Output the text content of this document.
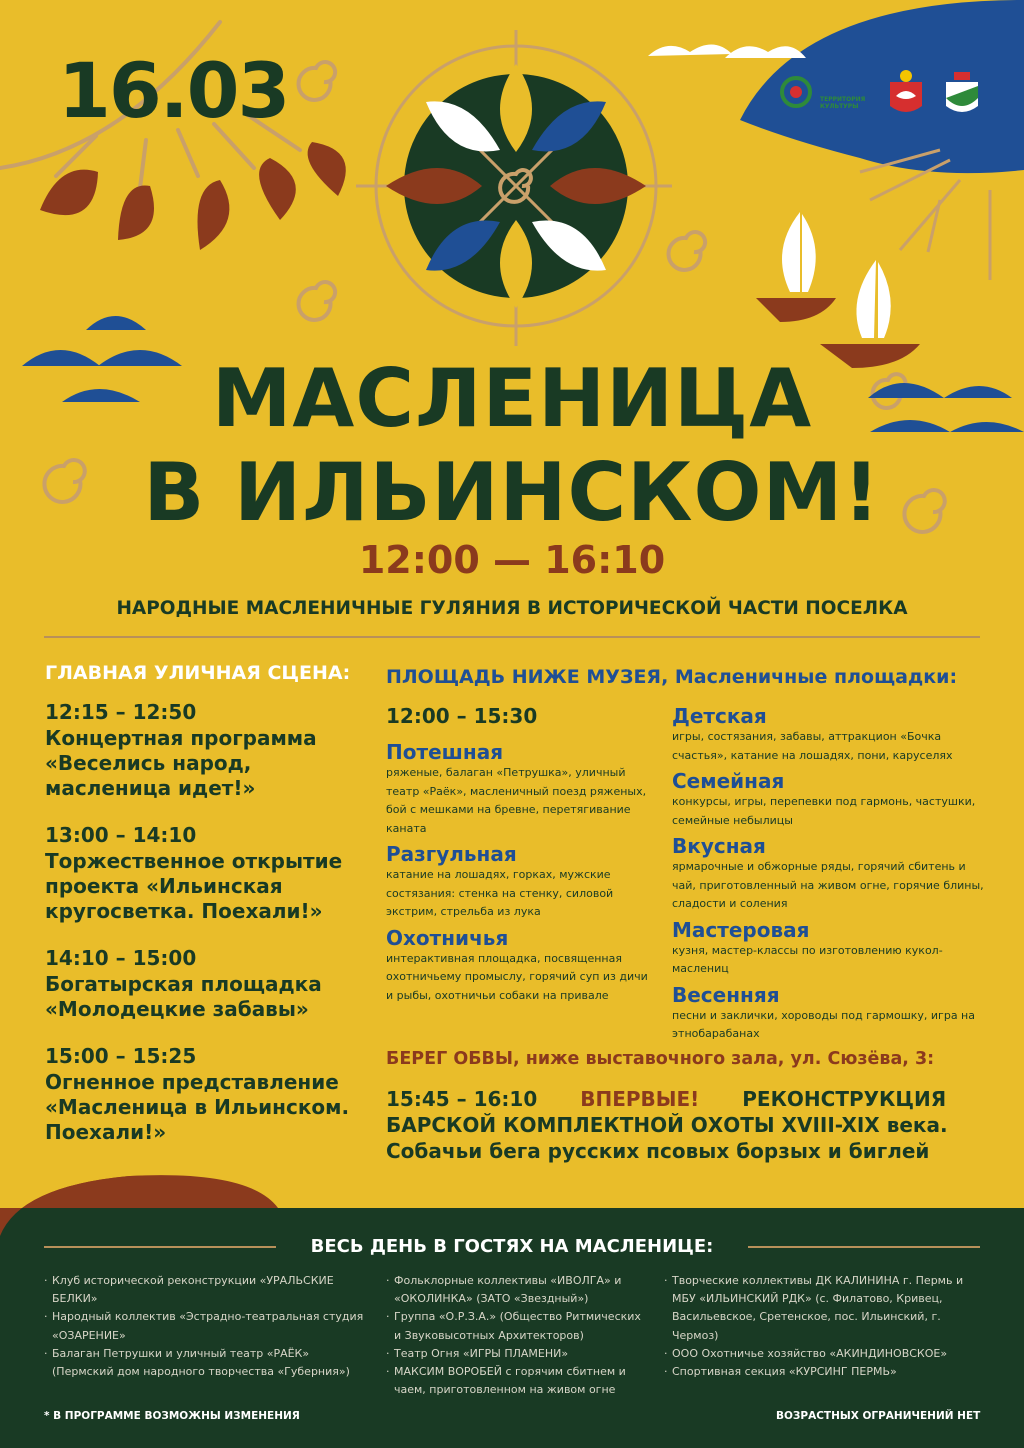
ТЕРРИТОРИЯ
КУЛЬТУРЫ
16.03
МАСЛЕНИЦА
В ИЛЬИНСКОМ!
12:00 — 16:10
НАРОДНЫЕ МАСЛЕНИЧНЫЕ ГУЛЯНИЯ В ИСТОРИЧЕСКОЙ ЧАСТИ ПОСЕЛКА
ГЛАВНАЯ УЛИЧНАЯ СЦЕНА:
12:15 – 12:50
Концертная программа «Веселись народ, масленица идет!»
13:00 – 14:10
Торжественное открытие проекта «Ильинская кругосветка. Поехали!»
14:10 – 15:00
Богатырская площадка «Молодецкие забавы»
15:00 – 15:25
Огненное представление «Масленица в Ильинском. Поехали!»
ПЛОЩАДЬ НИЖЕ МУЗЕЯ, Масленичные площадки:
12:00 – 15:30
Потешная
ряженые, балаган «Петрушка», уличный театр «Раёк», масленичный поезд ряженых, бой с мешками на бревне, перетягивание каната
Разгульная
катание на лошадях, горках, мужские состязания: стенка на стенку, силовой экстрим, стрельба из лука
Охотничья
интерактивная площадка, посвященная охотничьему промыслу, горячий суп из дичи и рыбы, охотничьи собаки на привале
Детская
игры, состязания, забавы, аттракцион «Бочка счастья», катание на лошадях, пони, каруселях
Семейная
конкурсы, игры, перепевки под гармонь, частушки, семейные небылицы
Вкусная
ярмарочные и обжорные ряды, горячий сбитень и чай, приготовленный на живом огне, горячие блины, сладости и соления
Мастеровая
кузня, мастер-классы по изготовлению кукол-маслениц
Весенняя
песни и заклички, хороводы под гармошку, игра на этнобарабанах
БЕРЕГ ОБВЫ, ниже выставочного зала, ул. Сюзёва, 3:
15:45 – 16:10 ВПЕРВЫЕ! РЕКОНСТРУКЦИЯ
БАРСКОЙ КОМПЛЕКТНОЙ ОХОТЫ XVIII-XIX века.
Собачьи бега русских псовых борзых и биглей
ВЕСЬ ДЕНЬ В ГОСТЯХ НА МАСЛЕНИЦЕ:
· Клуб исторической реконструкции «УРАЛЬСКИЕ БЕЛКИ»
· Народный коллектив «Эстрадно-театральная студия «ОЗАРЕНИЕ»
· Балаган Петрушки и уличный театр «РАЁК» (Пермский дом народного творчества «Губерния»)
· Фольклорные коллективы «ИВОЛГА» и «ОКОЛИНКА» (ЗАТО «Звездный»)
· Группа «О.Р.З.А.» (Общество Ритмических и Звуковысотных Архитекторов)
· Театр Огня «ИГРЫ ПЛАМЕНИ»
· МАКСИМ ВОРОБЕЙ с горячим сбитнем и чаем, приготовленном на живом огне
· Творческие коллективы ДК КАЛИНИНА г. Пермь и МБУ «ИЛЬИНСКИЙ РДК» (с. Филатово, Кривец, Васильевское, Сретенское, пос. Ильинский, г. Чермоз)
· ООО Охотничье хозяйство «АКИНДИНОВСКОЕ»
· Спортивная секция «КУРСИНГ ПЕРМЬ»
* В ПРОГРАММЕ ВОЗМОЖНЫ ИЗМЕНЕНИЯ	ВОЗРАСТНЫХ ОГРАНИЧЕНИЙ НЕТ
